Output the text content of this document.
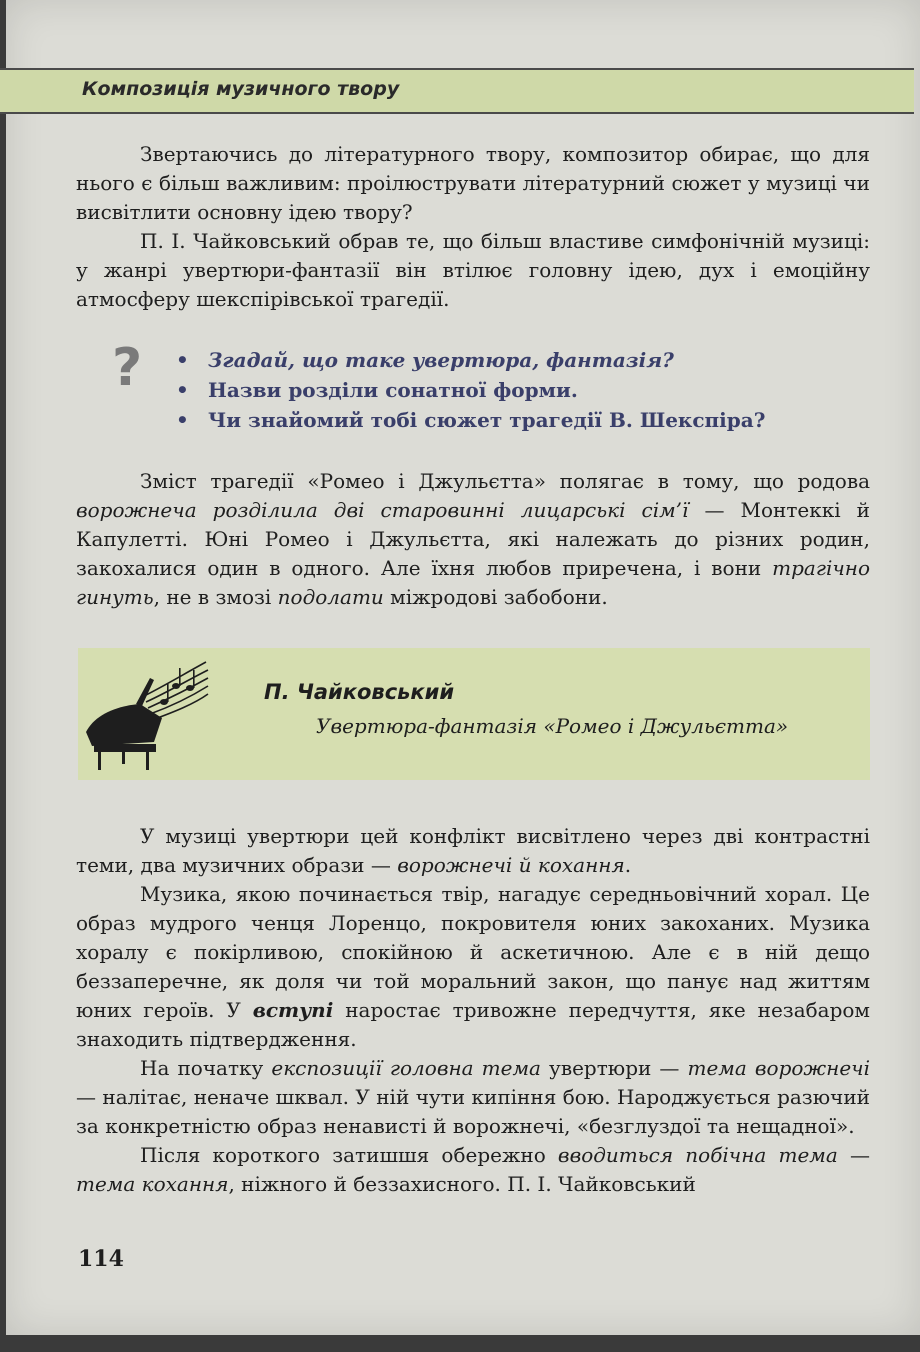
Композиція музичного твору

Звертаючись до літературного твору, композитор обирає, що для нього є більш важливим: проілюструвати літературний сюжет у музиці чи висвітлити основну ідею твору?

П. І. Чайковський обрав те, що більш властиве симфонічній музиці: у жанрі увертюри-фантазії він втілює головну ідею, дух і емоційну атмосферу шекспірівської трагедії.

? • Згадай, що таке увертюра, фантазія?
• Назви розділи сонатної форми.
• Чи знайомий тобі сюжет трагедії В. Шекспіра?

Зміст трагедії «Ромео і Джульєтта» полягає в тому, що родова ворожнеча розділила дві старовинні лицарські сім’ї — Монтеккі й Капулетті. Юні Ромео і Джульєтта, які належать до різних родин, закохалися один в одного. Але їхня любов приречена, і вони трагічно гинуть, не в змозі подолати міжродові забобони.

П. Чайковський
Увертюра-фантазія «Ромео і Джульєтта»

У музиці увертюри цей конфлікт висвітлено через дві контрастні теми, два музичних образи — ворожнечі й кохання.

Музика, якою починається твір, нагадує середньовічний хорал. Це образ мудрого ченця Лоренцо, покровителя юних закоханих. Музика хоралу є покірливою, спокійною й аскетичною. Але є в ній дещо беззаперечне, як доля чи той моральний закон, що панує над життям юних героїв. У вступі наростає тривожне передчуття, яке незабаром знаходить підтвердження.

На початку експозиції головна тема увертюри — тема ворожнечі — налітає, неначе шквал. У ній чути кипіння бою. Народжується разючий за конкретністю образ ненависті й ворожнечі, «безглуздої та нещадної».

Після короткого затишшя обережно вводиться побічна тема — тема кохання, ніжного й беззахисного. П. І. Чайковський

114
